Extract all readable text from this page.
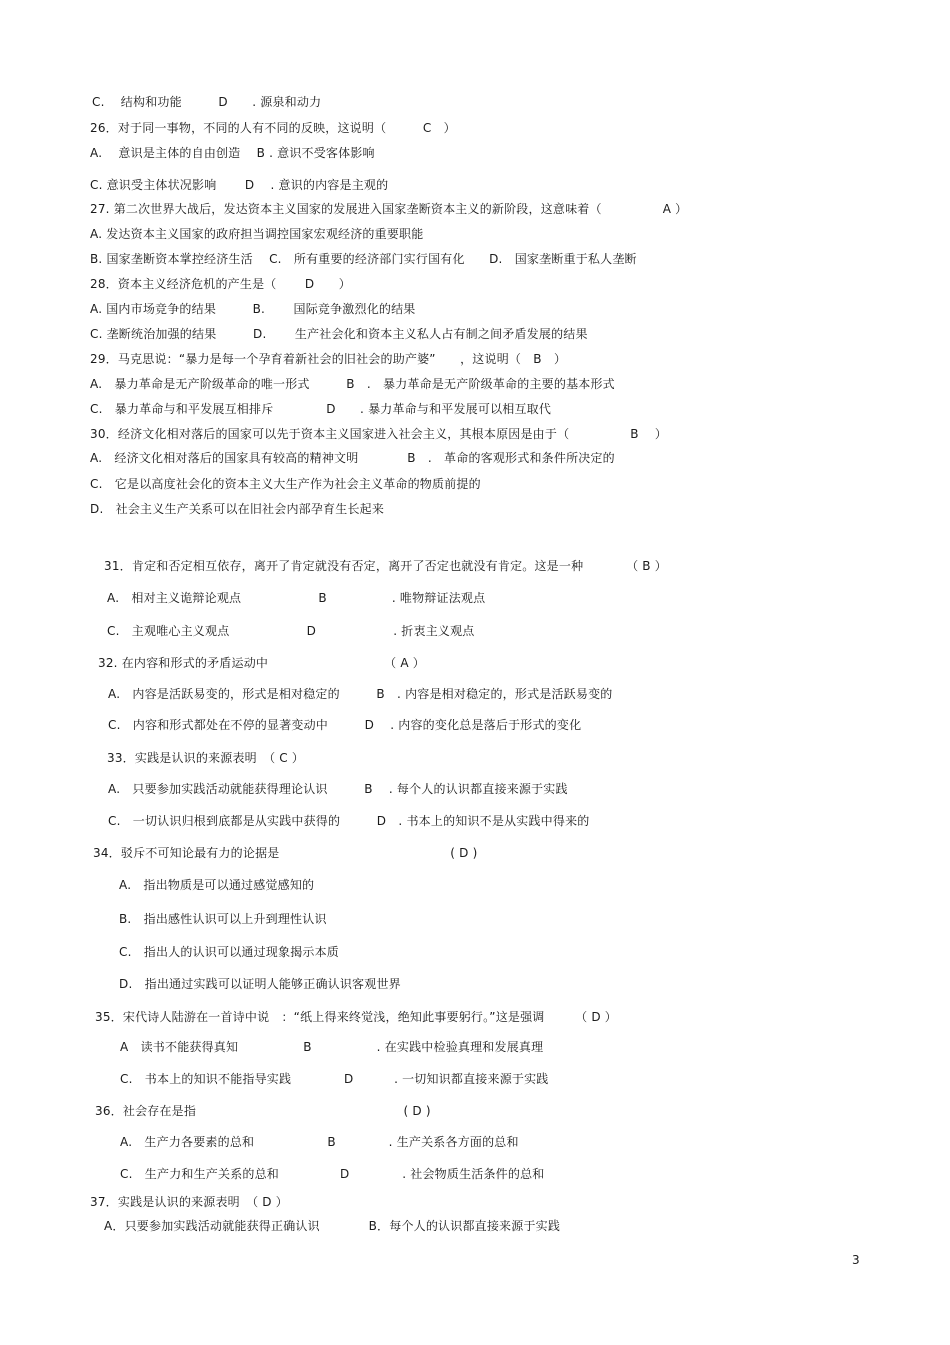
C.　 结构和功能　　　D　　. 源泉和动力
26．对于同一事物，不同的人有不同的反映，这说明（　　　C　）
A.　 意识是主体的自由创造　 B . 意识不受客体影响
C. 意识受主体状况影响　　 D　 . 意识的内容是主观的
27. 第二次世界大战后，发达资本主义国家的发展进入国家垄断资本主义的新阶段，这意味着（　　　　　A ）
A. 发达资本主义国家的政府担当调控国家宏观经济的重要职能
B. 国家垄断资本掌控经济生活　 C.　所有重要的经济部门实行国有化　　D.　国家垄断重于私人垄断
28．资本主义经济危机的产生是（　　 D　　）
A. 国内市场竞争的结果　　　B.　　 国际竞争激烈化的结果
C. 垄断统治加强的结果　　　D.　　 生产社会化和资本主义私人占有制之间矛盾发展的结果
29．马克思说：“暴力是每一个孕育着新社会的旧社会的助产婆”　　，这说明（　B　）
A.　暴力革命是无产阶级革命的唯一形式　　　B　.　暴力革命是无产阶级革命的主要的基本形式
C.　暴力革命与和平发展互相排斥　　　　 D　　. 暴力革命与和平发展可以相互取代
30．经济文化相对落后的国家可以先于资本主义国家进入社会主义，其根本原因是由于（　　　　　B　 ）
A.　经济文化相对落后的国家具有较高的精神文明　　　　B　.　革命的客观形式和条件所决定的
C.　它是以高度社会化的资本主义大生产作为社会主义革命的物质前提的
D.　社会主义生产关系可以在旧社会内部孕育生长起来
31．肯定和否定相互依存，离开了肯定就没有否定，离开了否定也就没有肯定。这是一种　　　　（ B ）
A.　相对主义诡辩论观点　　　　　　 B　　　　　 . 唯物辩证法观点
C.　主观唯心主义观点　　　　　　 D　　　　　　 . 折衷主义观点
32. 在内容和形式的矛盾运动中　　　　　　　　　　（ A ）
A.　内容是活跃易变的，形式是相对稳定的　　　B　. 内容是相对稳定的，形式是活跃易变的
C.　内容和形式都处在不停的显著变动中　　　D　 . 内容的变化总是落后于形式的变化
33．实践是认识的来源表明　（ C ）
A.　只要参加实践活动就能获得理论认识　　　B　 . 每个人的认识都直接来源于实践
C.　一切认识归根到底都是从实践中获得的　　　D　. 书本上的知识不是从实践中得来的
34．驳斥不可知论最有力的论据是　　　　　　　　　　　　　　( D )
A.　指出物质是可以通过感觉感知的
B.　指出感性认识可以上升到理性认识
C.　指出人的认识可以通过现象揭示本质
D.　指出通过实践可以证明人能够正确认识客观世界
35．宋代诗人陆游在一首诗中说　：“纸上得来终觉浅，绝知此事要躬行。”这是强调　　　（ D ）
A　读书不能获得真知　　　　　 B　　　　　 . 在实践中检验真理和发展真理
C.　书本上的知识不能指导实践　　　　 D　　　 . 一切知识都直接来源于实践
36．社会存在是指　　　　　　　　　　　　　　　　　( D )
A.　生产力各要素的总和　　　　　　B　　　　 . 生产关系各方面的总和
C.　生产力和生产关系的总和　　　　　D　　　　 . 社会物质生活条件的总和
37．实践是认识的来源表明　（ D ）
A．只要参加实践活动就能获得正确认识　　　　B．每个人的认识都直接来源于实践
3
